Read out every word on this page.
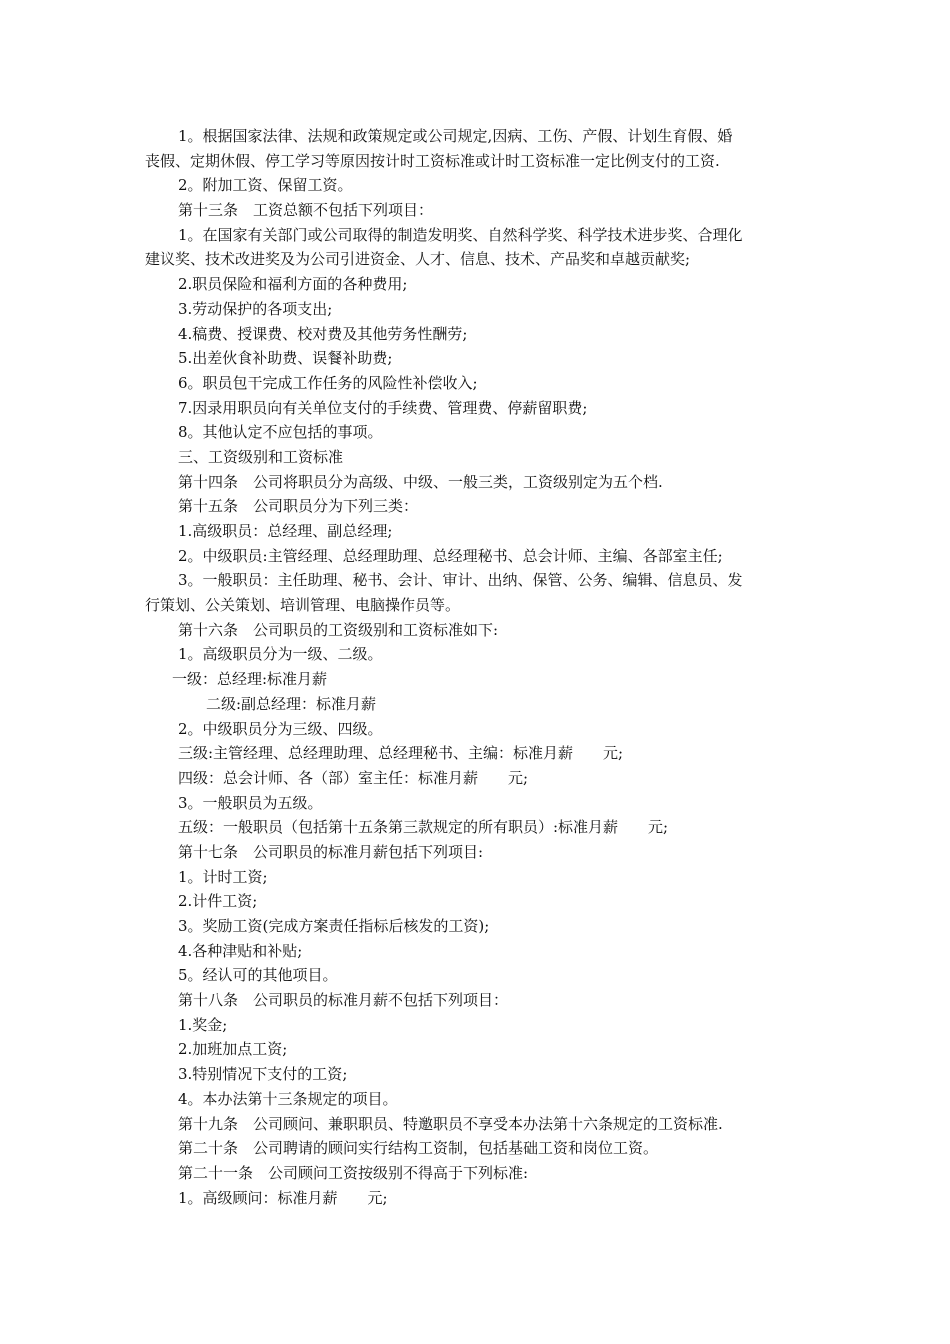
1。根据国家法律、法规和政策规定或公司规定,因病、工伤、产假、计划生育假、婚
丧假、定期休假、停工学习等原因按计时工资标准或计时工资标准一定比例支付的工资.
2。附加工资、保留工资。
第十三条　工资总额不包括下列项目：
1。在国家有关部门或公司取得的制造发明奖、自然科学奖、科学技术进步奖、合理化
建议奖、技术改进奖及为公司引进资金、人才、信息、技术、产品奖和卓越贡献奖;
2.职员保险和福利方面的各种费用;
3.劳动保护的各项支出;
4.稿费、授课费、校对费及其他劳务性酬劳;
5.出差伙食补助费、误餐补助费;
6。职员包干完成工作任务的风险性补偿收入;
7.因录用职员向有关单位支付的手续费、管理费、停薪留职费;
8。其他认定不应包括的事项。
三、工资级别和工资标准
第十四条　公司将职员分为高级、中级、一般三类，工资级别定为五个档.
第十五条　公司职员分为下列三类：
1.高级职员：总经理、副总经理;
2。中级职员:主管经理、总经理助理、总经理秘书、总会计师、主编、各部室主任;
3。一般职员：主任助理、秘书、会计、审计、出纳、保管、公务、编辑、信息员、发
行策划、公关策划、培训管理、电脑操作员等。
第十六条　公司职员的工资级别和工资标准如下:
1。高级职员分为一级、二级。
一级：总经理:标准月薪
二级:副总经理：标准月薪
2。中级职员分为三级、四级。
三级:主管经理、总经理助理、总经理秘书、主编：标准月薪　　元;
四级：总会计师、各（部）室主任：标准月薪　　元;
3。一般职员为五级。
五级：一般职员（包括第十五条第三款规定的所有职员）:标准月薪　　元;
第十七条　公司职员的标准月薪包括下列项目:
1。计时工资;
2.计件工资;
3。奖励工资(完成方案责任指标后核发的工资);
4.各种津贴和补贴;
5。经认可的其他项目。
第十八条　公司职员的标准月薪不包括下列项目：
1.奖金;
2.加班加点工资;
3.特别情况下支付的工资;
4。本办法第十三条规定的项目。
第十九条　公司顾问、兼职职员、特邀职员不享受本办法第十六条规定的工资标准.
第二十条　公司聘请的顾问实行结构工资制，包括基础工资和岗位工资。
第二十一条　公司顾问工资按级别不得高于下列标准:
1。高级顾问：标准月薪　　元;
